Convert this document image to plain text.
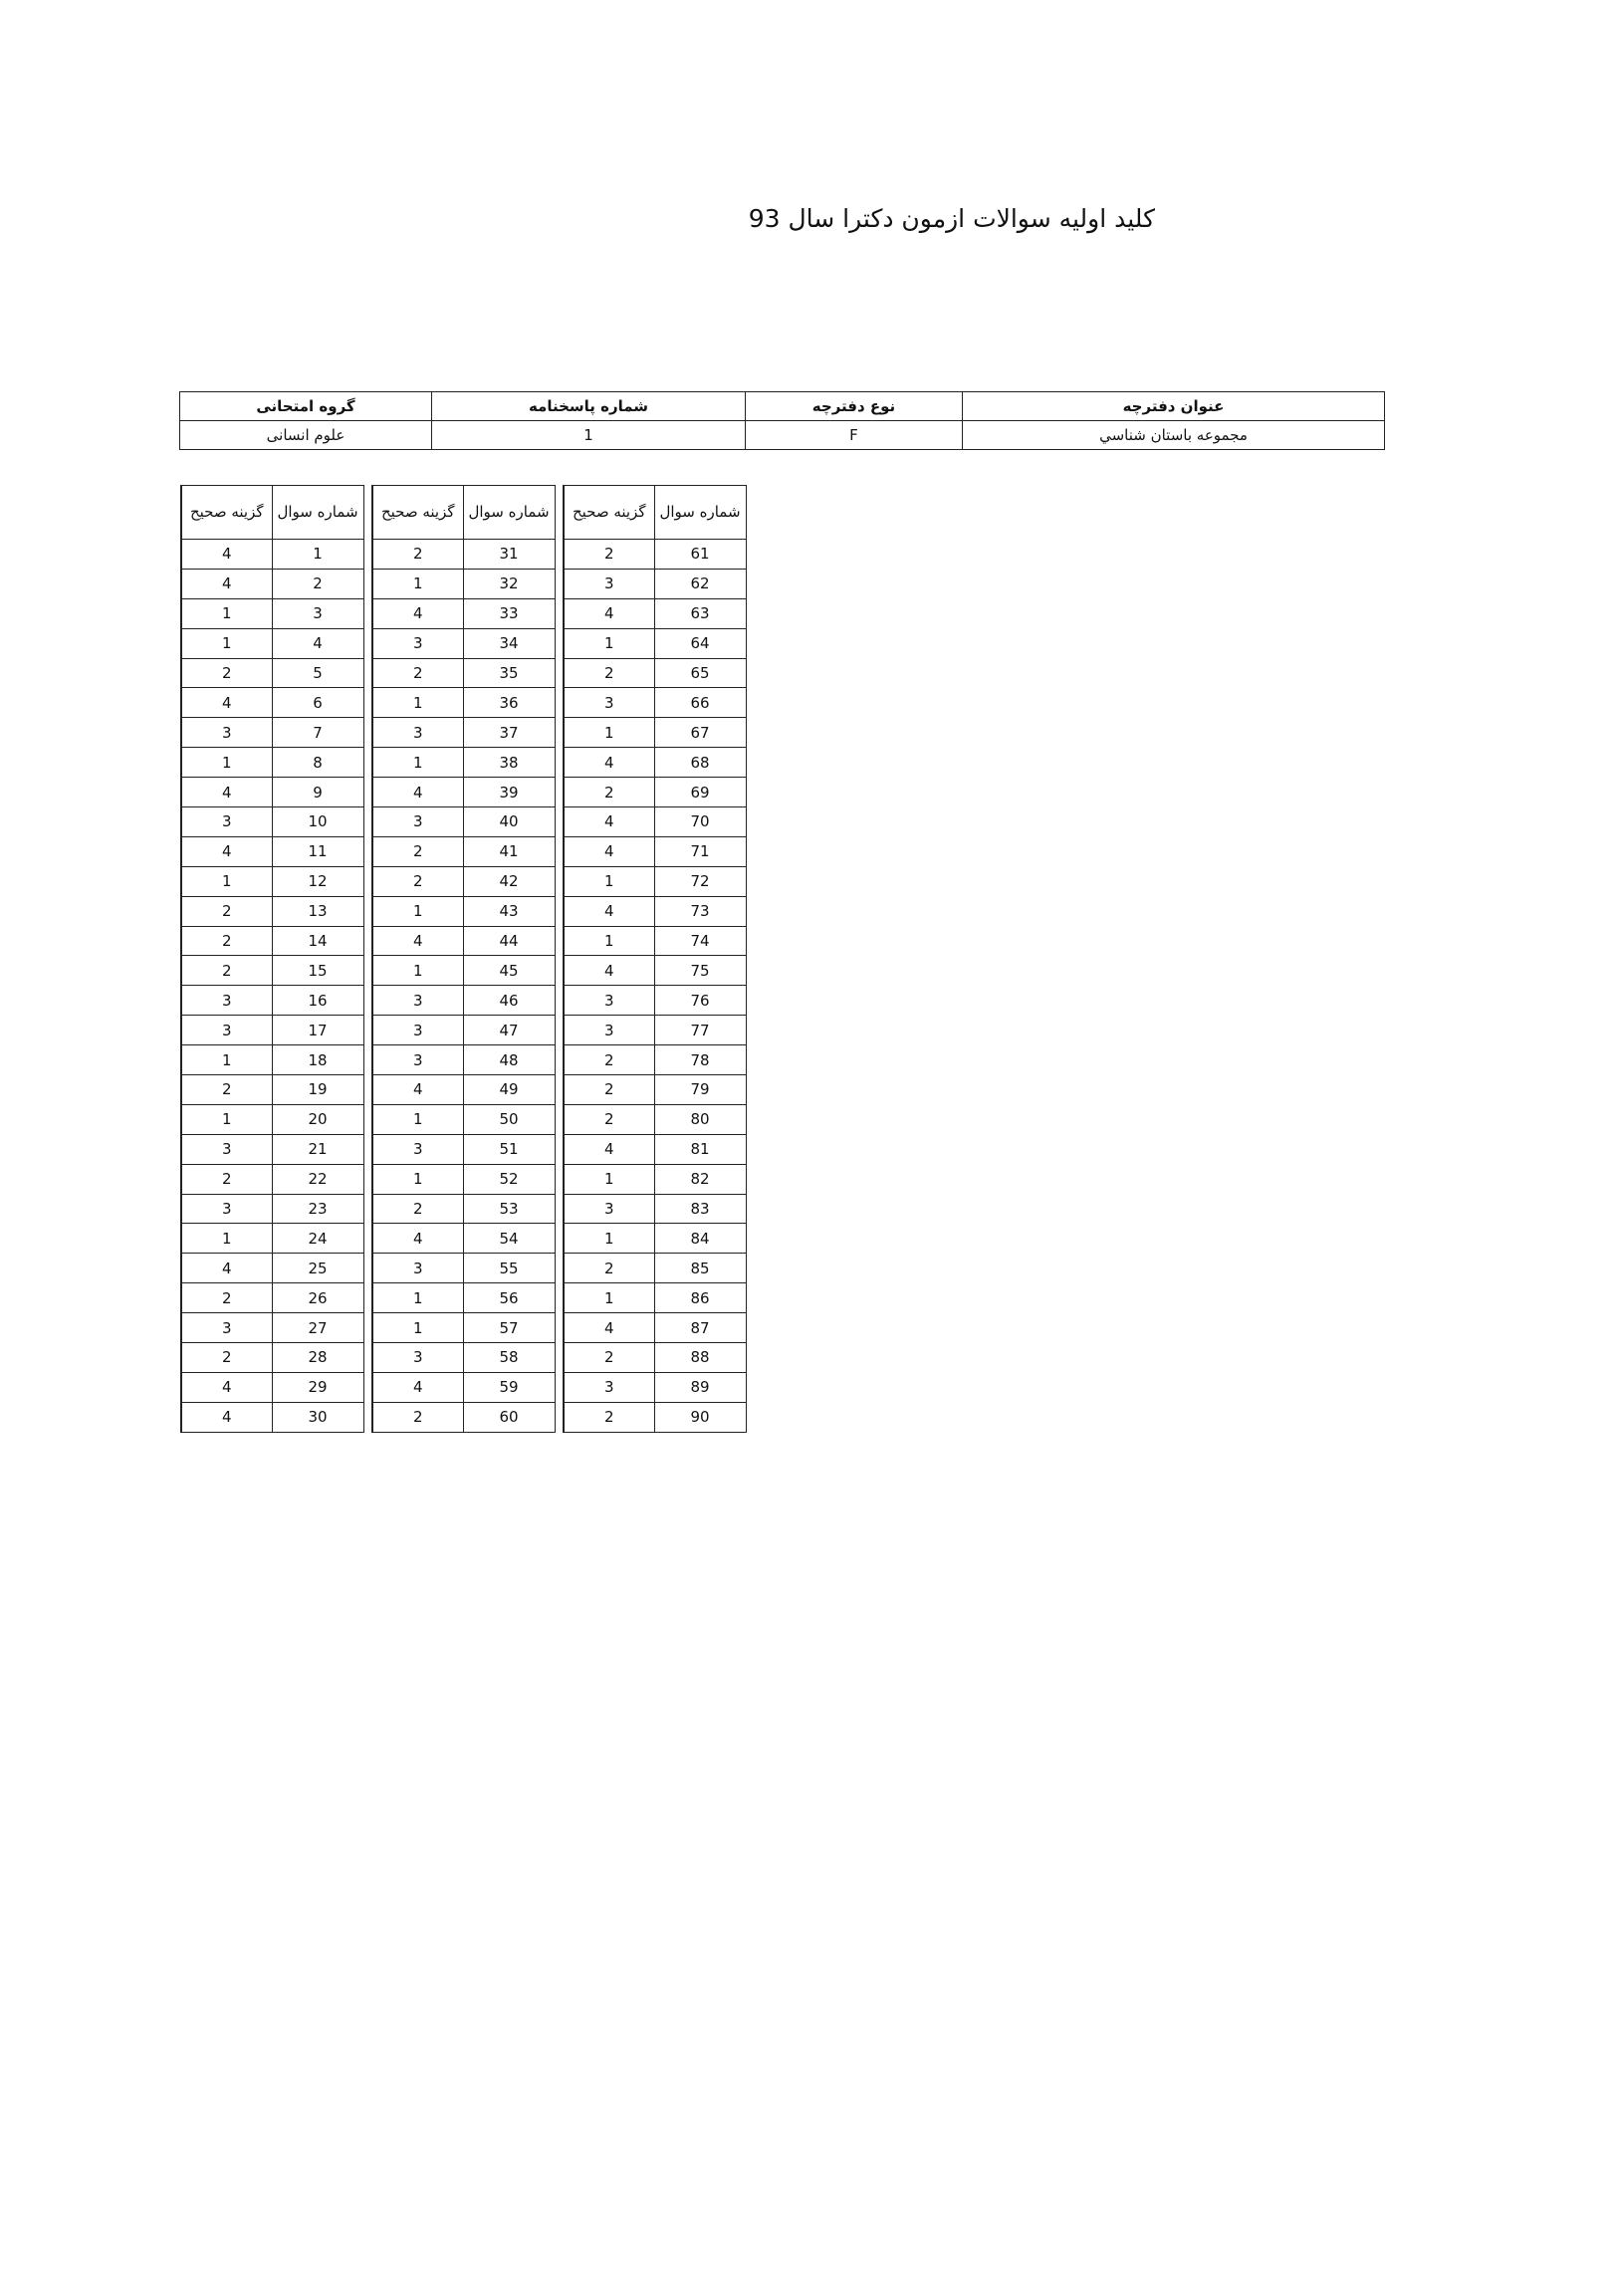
کلید اولیه سوالات ازمون دکترا سال 93
عنوان دفترچه	نوع دفترچه	شماره پاسخنامه	گروه امتحانی
مجموعه باستان شناسي	F	1	علوم انسانی
شماره سوال	گزینه صحیح
1	4
2	4
3	1
4	1
5	2
6	4
7	3
8	1
9	4
10	3
11	4
12	1
13	2
14	2
15	2
16	3
17	3
18	1
19	2
20	1
21	3
22	2
23	3
24	1
25	4
26	2
27	3
28	2
29	4
30	4
شماره سوال	گزینه صحیح
31	2
32	1
33	4
34	3
35	2
36	1
37	3
38	1
39	4
40	3
41	2
42	2
43	1
44	4
45	1
46	3
47	3
48	3
49	4
50	1
51	3
52	1
53	2
54	4
55	3
56	1
57	1
58	3
59	4
60	2
شماره سوال	گزینه صحیح
61	2
62	3
63	4
64	1
65	2
66	3
67	1
68	4
69	2
70	4
71	4
72	1
73	4
74	1
75	4
76	3
77	3
78	2
79	2
80	2
81	4
82	1
83	3
84	1
85	2
86	1
87	4
88	2
89	3
90	2
